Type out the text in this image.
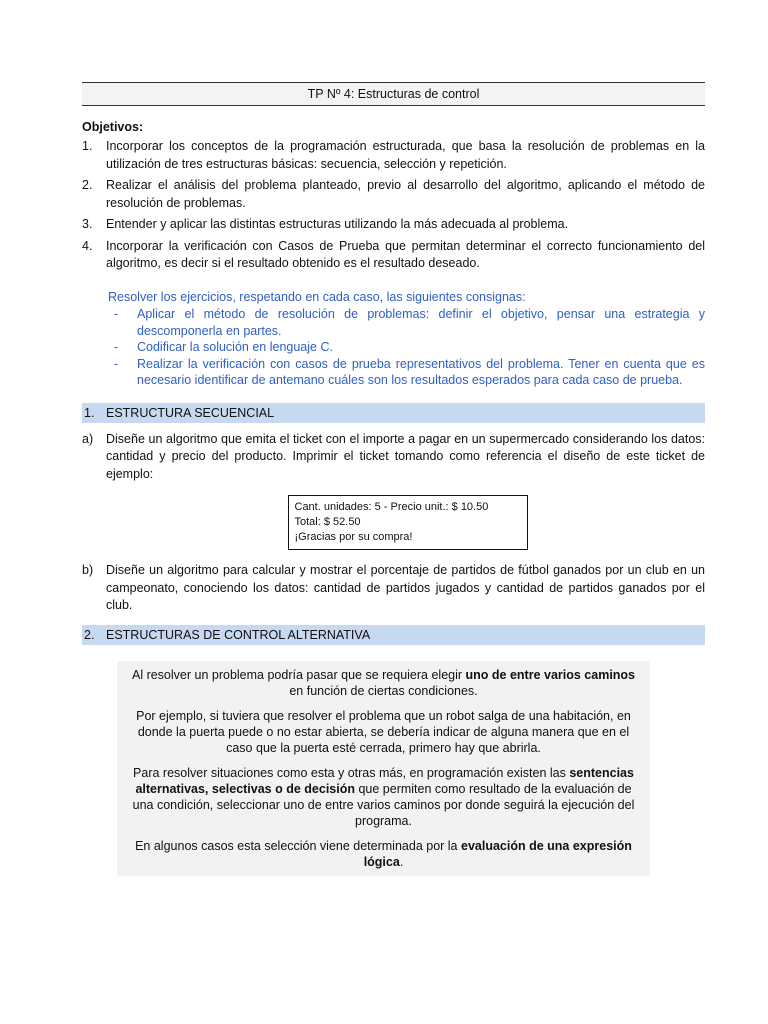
TP Nº 4: Estructuras de control
Objetivos:
1. Incorporar los conceptos de la programación estructurada, que basa la resolución de problemas en la utilización de tres estructuras básicas: secuencia, selección y repetición.
2. Realizar el análisis del problema planteado, previo al desarrollo del algoritmo, aplicando el método de resolución de problemas.
3. Entender y aplicar las distintas estructuras utilizando la más adecuada al problema.
4. Incorporar la verificación con Casos de Prueba que permitan determinar el correcto funcionamiento del algoritmo, es decir si el resultado obtenido es el resultado deseado.
Resolver los ejercicios, respetando en cada caso, las siguientes consignas:
- Aplicar el método de resolución de problemas: definir el objetivo, pensar una estrategia y descomponerla en partes.
- Codificar la solución en lenguaje C.
- Realizar la verificación con casos de prueba representativos del problema. Tener en cuenta que es necesario identificar de antemano cuáles son los resultados esperados para cada caso de prueba.
1. ESTRUCTURA SECUENCIAL
a) Diseñe un algoritmo que emita el ticket con el importe a pagar en un supermercado considerando los datos: cantidad y precio del producto. Imprimir el ticket tomando como referencia el diseño de este ticket de ejemplo:
Cant. unidades: 5 - Precio unit.: $ 10.50
Total: $ 52.50
¡Gracias por su compra!
b) Diseñe un algoritmo para calcular y mostrar el porcentaje de partidos de fútbol ganados por un club en un campeonato, conociendo los datos: cantidad de partidos jugados y cantidad de partidos ganados por el club.
2. ESTRUCTURAS DE CONTROL ALTERNATIVA

Al resolver un problema podría pasar que se requiera elegir uno de entre varios caminos en función de ciertas condiciones.

Por ejemplo, si tuviera que resolver el problema que un robot salga de una habitación, en donde la puerta puede o no estar abierta, se debería indicar de alguna manera que en el caso que la puerta esté cerrada, primero hay que abrirla.

Para resolver situaciones como esta y otras más, en programación existen las sentencias alternativas, selectivas o de decisión que permiten como resultado de la evaluación de una condición, seleccionar uno de entre varios caminos por donde seguirá la ejecución del programa.

En algunos casos esta selección viene determinada por la evaluación de una expresión lógica.
